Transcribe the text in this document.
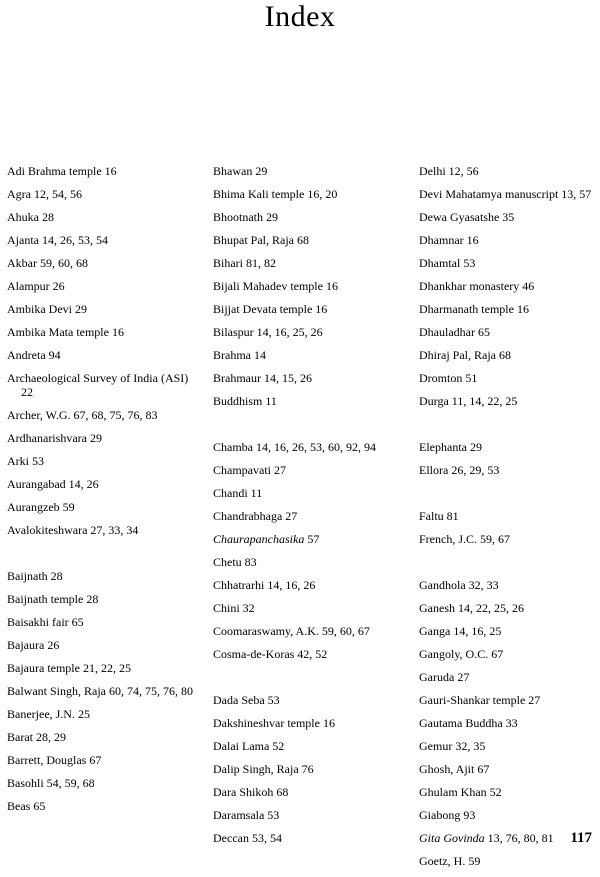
Index
Adi Brahma temple 16
Agra 12, 54, 56
Ahuka 28
Ajanta 14, 26, 53, 54
Akbar 59, 60, 68
Alampur 26
Ambika Devi 29
Ambika Mata temple 16
Andreta 94
Archaeological Survey of India (ASI) 22
Archer, W.G. 67, 68, 75, 76, 83
Ardhanarishvara 29
Arki 53
Aurangabad 14, 26
Aurangzeb 59
Avalokiteshwara 27, 33, 34
Baijnath 28
Baijnath temple 28
Baisakhi fair 65
Bajaura 26
Bajaura temple 21, 22, 25
Balwant Singh, Raja 60, 74, 75, 76, 80
Banerjee, J.N. 25
Barat 28, 29
Barrett, Douglas 67
Basohli 54, 59, 68
Beas 65
Bhawan 29
Bhima Kali temple 16, 20
Bhootnath 29
Bhupat Pal, Raja 68
Bihari 81, 82
Bijali Mahadev temple 16
Bijjat Devata temple 16
Bilaspur 14, 16, 25, 26
Brahma 14
Brahmaur 14, 15, 26
Buddhism 11
Chamba 14, 16, 26, 53, 60, 92, 94
Champavati 27
Chandi 11
Chandrabhaga 27
Chaurapanchasika 57
Chetu 83
Chhatrarhi 14, 16, 26
Chini 32
Coomaraswamy, A.K. 59, 60, 67
Cosma-de-Koras 42, 52
Dada Seba 53
Dakshineshvar temple 16
Dalai Lama 52
Dalip Singh, Raja 76
Dara Shikoh 68
Daramsala 53
Deccan 53, 54
Delhi 12, 56
Devi Mahatamya manuscript 13, 57
Dewa Gyasatshe 35
Dhamnar 16
Dhamtal 53
Dhankhar monastery 46
Dharmanath temple 16
Dhauladhar 65
Dhiraj Pal, Raja 68
Dromton 51
Durga 11, 14, 22, 25
Elephanta 29
Ellora 26, 29, 53
Faltu 81
French, J.C. 59, 67
Gandhola 32, 33
Ganesh 14, 22, 25, 26
Ganga 14, 16, 25
Gangoly, O.C. 67
Garuda 27
Gauri-Shankar temple 27
Gautama Buddha 33
Gemur 32, 35
Ghosh, Ajit 67
Ghulam Khan 52
Giabong 93
Gita Govinda 13, 76, 80, 81
Goetz, H. 59
117
